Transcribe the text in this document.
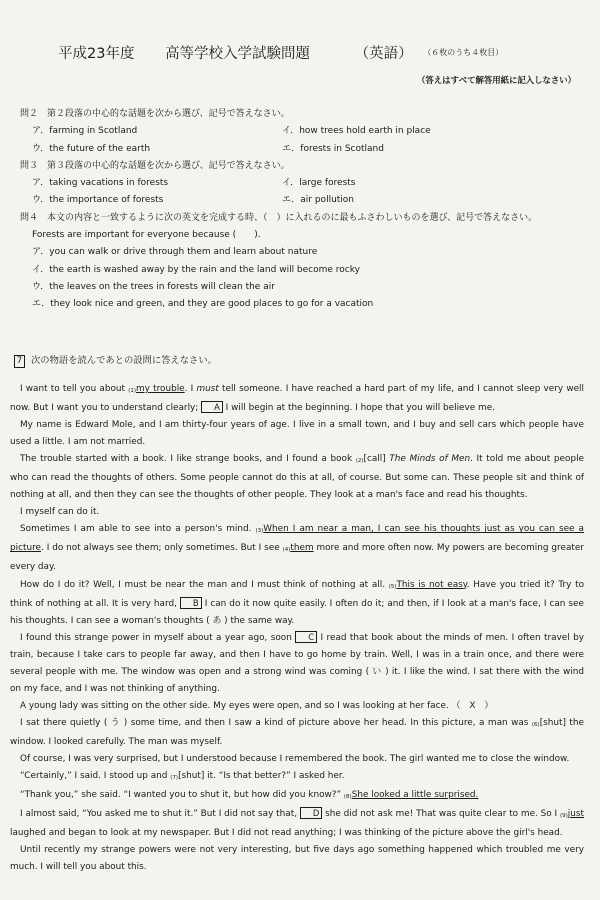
平成23年度 高等学校入学試験問題	（英語） （６枚のうち４枚目）
（答えはすべて解答用紙に記入しなさい）
問２　第２段落の中心的な話題を次から選び、記号で答えなさい。
ア．farming in Scotland	イ．how trees hold earth in place
ウ．the future of the earth	エ．forests in Scotland
問３　第３段落の中心的な話題を次から選び、記号で答えなさい。
ア．taking vacations in forests	イ．large forests
ウ．the importance of forests	エ．air pollution
問４　本文の内容と一致するように次の英文を完成する時、（　）に入れるのに最もふさわしいものを選び、記号で答えなさい。
Forests are important for everyone because (　　).
ア．you can walk or drive through them and learn about nature
イ．the earth is washed away by the rain and the land will become rocky
ウ．the leaves on the trees in forests will clean the air
エ．they look nice and green, and they are good places to go for a vacation
7 次の物語を読んであとの設問に答えなさい。

I want to tell you about (1)my trouble. I must tell someone. I have reached a hard part of my life, and I cannot sleep very well now. But I want you to understand clearly; A I will begin at the beginning. I hope that you will believe me.

My name is Edward Mole, and I am thirty-four years of age. I live in a small town, and I buy and sell cars which people have used a little. I am not married.

The trouble started with a book. I like strange books, and I found a book (2)[call] The Minds of Men. It told me about people who can read the thoughts of others. Some people cannot do this at all, of course. But some can. These people sit and think of nothing at all, and then they can see the thoughts of other people. They look at a man's face and read his thoughts.

I myself can do it.

Sometimes I am able to see into a person's mind. (3)When I am near a man, I can see his thoughts just as you can see a picture. I do not always see them; only sometimes. But I see (4)them more and more often now. My powers are becoming greater every day.

How do I do it? Well, I must be near the man and I must think of nothing at all. (5)This is not easy. Have you tried it? Try to think of nothing at all. It is very hard, B I can do it now quite easily. I often do it; and then, if I look at a man's face, I can see his thoughts. I can see a woman's thoughts ( あ ) the same way.

I found this strange power in myself about a year ago, soon C I read that book about the minds of men. I often travel by train, because I take cars to people far away, and then I have to go home by train. Well, I was in a train once, and there were several people with me. The window was open and a strong wind was coming ( い ) it. I like the wind. I sat there with the wind on my face, and I was not thinking of anything.

A young lady was sitting on the other side. My eyes were open, and so I was looking at her face. （　X　）

I sat there quietly ( う ) some time, and then I saw a kind of picture above her head. In this picture, a man was (6)[shut] the window. I looked carefully. The man was myself.

Of course, I was very surprised, but I understood because I remembered the book. The girl wanted me to close the window.

“Certainly,” I said. I stood up and (7)[shut] it. “Is that better?” I asked her.

“Thank you,” she said. “I wanted you to shut it, but how did you know?” (8)She looked a little surprised.

I almost said, “You asked me to shut it.” But I did not say that, D she did not ask me! That was quite clear to me. So I (9)just laughed and began to look at my newspaper. But I did not read anything; I was thinking of the picture above the girl's head.

Until recently my strange powers were not very interesting, but five days ago something happened which troubled me very much. I will tell you about this.
